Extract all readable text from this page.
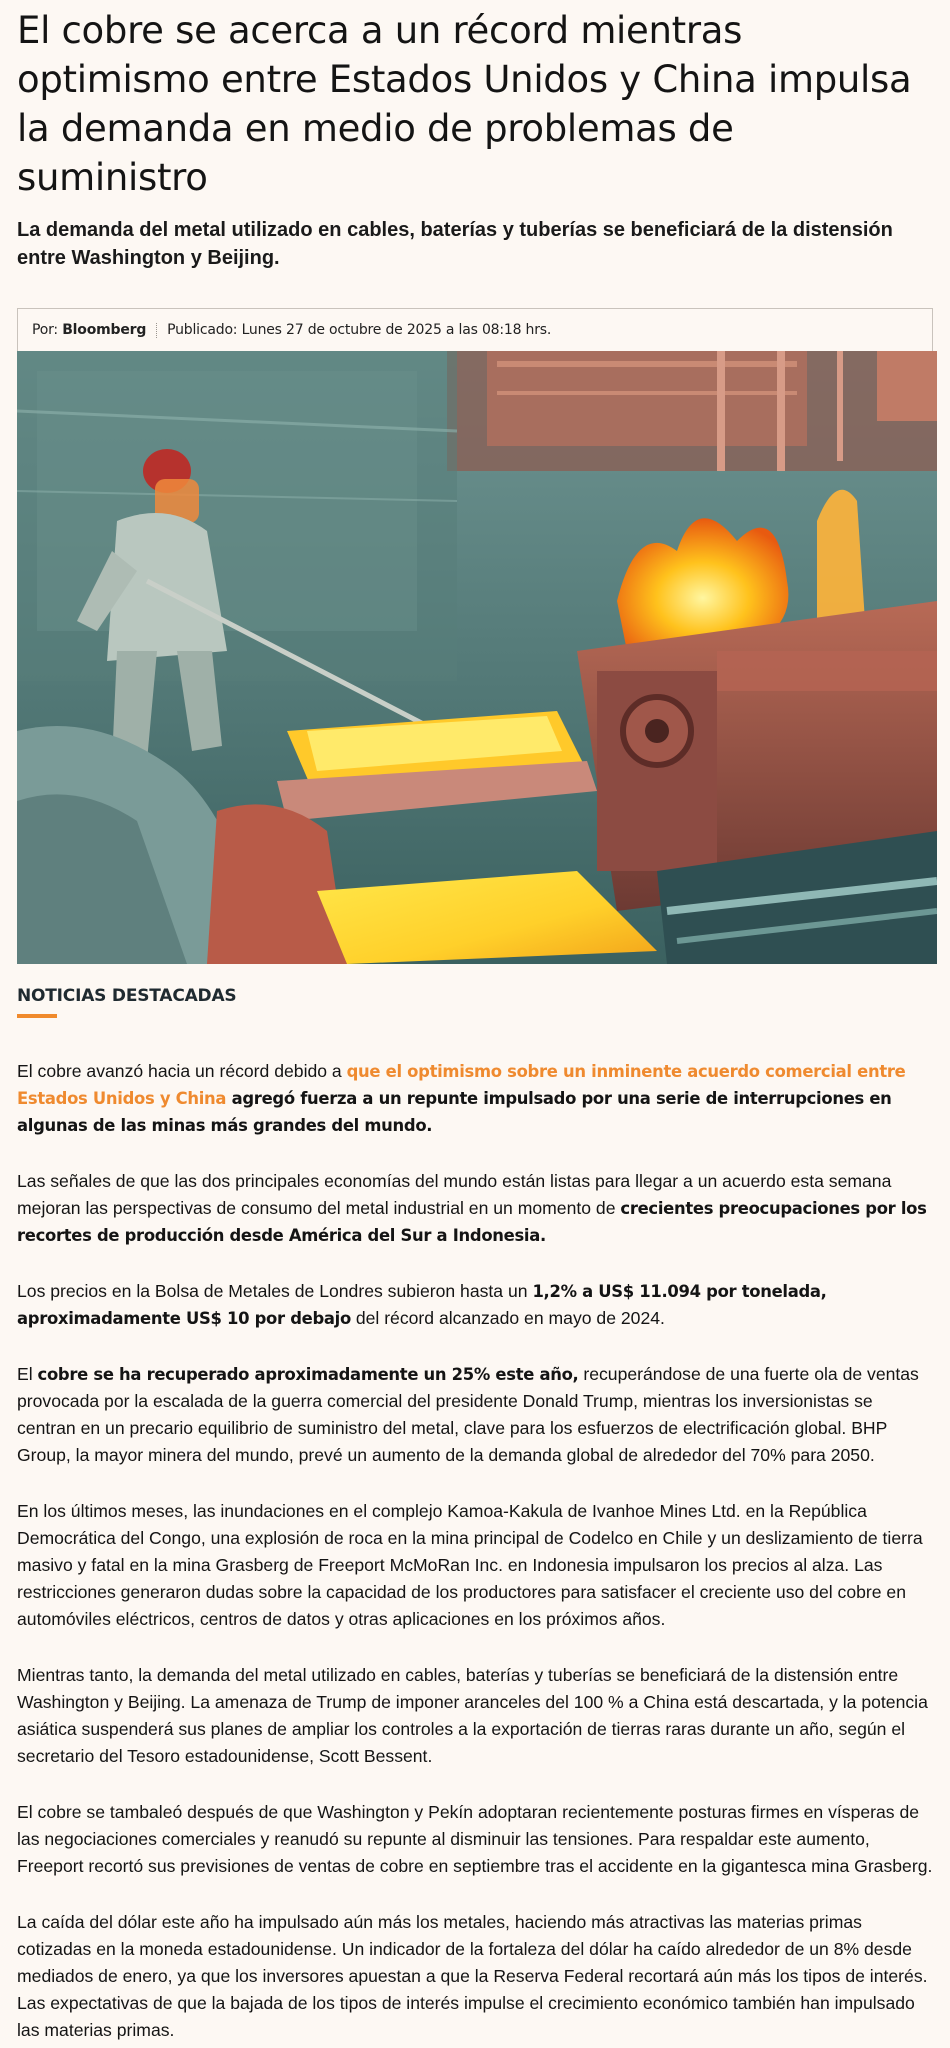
El cobre se acerca a un récord mientras optimismo entre Estados Unidos y China impulsa la demanda en medio de problemas de suministro
La demanda del metal utilizado en cables, baterías y tuberías se beneficiará de la distensión entre Washington y Beijing.
Por: Bloomberg Publicado: Lunes 27 de octubre de 2025 a las 08:18 hrs.
NOTICIAS DESTACADAS

El cobre avanzó hacia un récord debido a que el optimismo sobre un inminente acuerdo comercial entre Estados Unidos y China agregó fuerza a un repunte impulsado por una serie de interrupciones en algunas de las minas más grandes del mundo.

Las señales de que las dos principales economías del mundo están listas para llegar a un acuerdo esta semana mejoran las perspectivas de consumo del metal industrial en un momento de crecientes preocupaciones por los recortes de producción desde América del Sur a Indonesia.

Los precios en la Bolsa de Metales de Londres subieron hasta un 1,2% a US$ 11.094 por tonelada, aproximadamente US$ 10 por debajo del récord alcanzado en mayo de 2024.

El cobre se ha recuperado aproximadamente un 25% este año, recuperándose de una fuerte ola de ventas provocada por la escalada de la guerra comercial del presidente Donald Trump, mientras los inversionistas se centran en un precario equilibrio de suministro del metal, clave para los esfuerzos de electrificación global. BHP Group, la mayor minera del mundo, prevé un aumento de la demanda global de alrededor del 70% para 2050.

En los últimos meses, las inundaciones en el complejo Kamoa-Kakula de Ivanhoe Mines Ltd. en la República Democrática del Congo, una explosión de roca en la mina principal de Codelco en Chile y un deslizamiento de tierra masivo y fatal en la mina Grasberg de Freeport McMoRan Inc. en Indonesia impulsaron los precios al alza. Las restricciones generaron dudas sobre la capacidad de los productores para satisfacer el creciente uso del cobre en automóviles eléctricos, centros de datos y otras aplicaciones en los próximos años.

Mientras tanto, la demanda del metal utilizado en cables, baterías y tuberías se beneficiará de la distensión entre Washington y Beijing. La amenaza de Trump de imponer aranceles del 100 % a China está descartada, y la potencia asiática suspenderá sus planes de ampliar los controles a la exportación de tierras raras durante un año, según el secretario del Tesoro estadounidense, Scott Bessent.

El cobre se tambaleó después de que Washington y Pekín adoptaran recientemente posturas firmes en vísperas de las negociaciones comerciales y reanudó su repunte al disminuir las tensiones. Para respaldar este aumento, Freeport recortó sus previsiones de ventas de cobre en septiembre tras el accidente en la gigantesca mina Grasberg.

La caída del dólar este año ha impulsado aún más los metales, haciendo más atractivas las materias primas cotizadas en la moneda estadounidense. Un indicador de la fortaleza del dólar ha caído alrededor de un 8% desde mediados de enero, ya que los inversores apuestan a que la Reserva Federal recortará aún más los tipos de interés. Las expectativas de que la bajada de los tipos de interés impulse el crecimiento económico también han impulsado las materias primas.
